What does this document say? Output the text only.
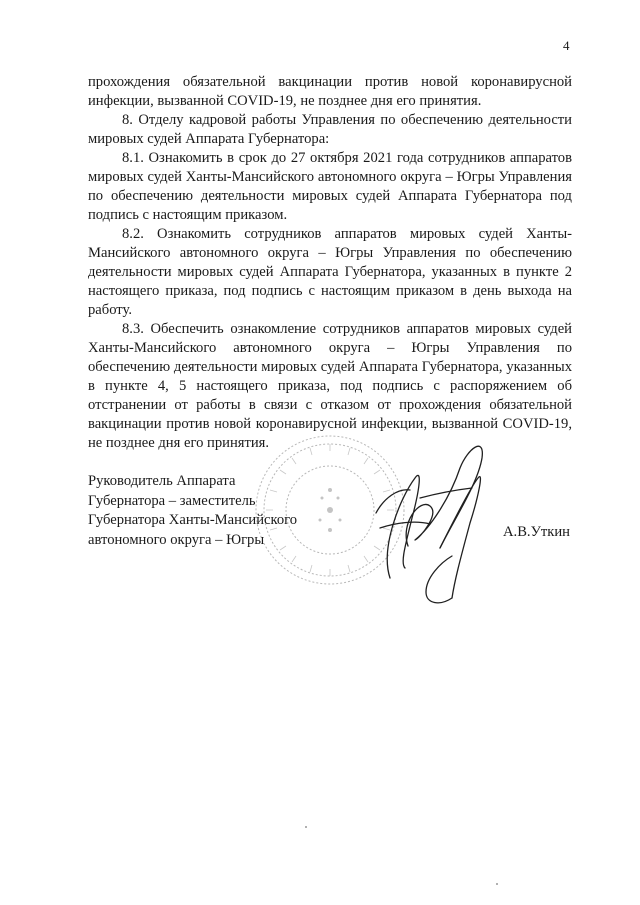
4

прохождения обязательной вакцинации против новой коронавирусной инфекции, вызванной COVID-19, не позднее дня его принятия.

8. Отделу кадровой работы Управления по обеспечению деятельности мировых судей Аппарата Губернатора:

8.1. Ознакомить в срок до 27 октября 2021 года сотрудников аппаратов мировых судей Ханты-Мансийского автономного округа – Югры Управления по обеспечению деятельности мировых судей Аппарата Губернатора под подпись с настоящим приказом.

8.2. Ознакомить сотрудников аппаратов мировых судей Ханты-Мансийского автономного округа – Югры Управления по обеспечению деятельности мировых судей Аппарата Губернатора, указанных в пункте 2 настоящего приказа, под подпись с настоящим приказом в день выхода на работу.

8.3. Обеспечить ознакомление сотрудников аппаратов мировых судей Ханты-Мансийского автономного округа – Югры Управления по обеспечению деятельности мировых судей Аппарата Губернатора, указанных в пункте 4, 5 настоящего приказа, под подпись с распоряжением об отстранении от работы в связи с отказом от прохождения обязательной вакцинации против новой коронавирусной инфекции, вызванной COVID-19, не позднее дня его принятия.

Руководитель Аппарата
Губернатора – заместитель
Губернатора Ханты-Мансийского
автономного округа – Югры	А.В.Уткин
